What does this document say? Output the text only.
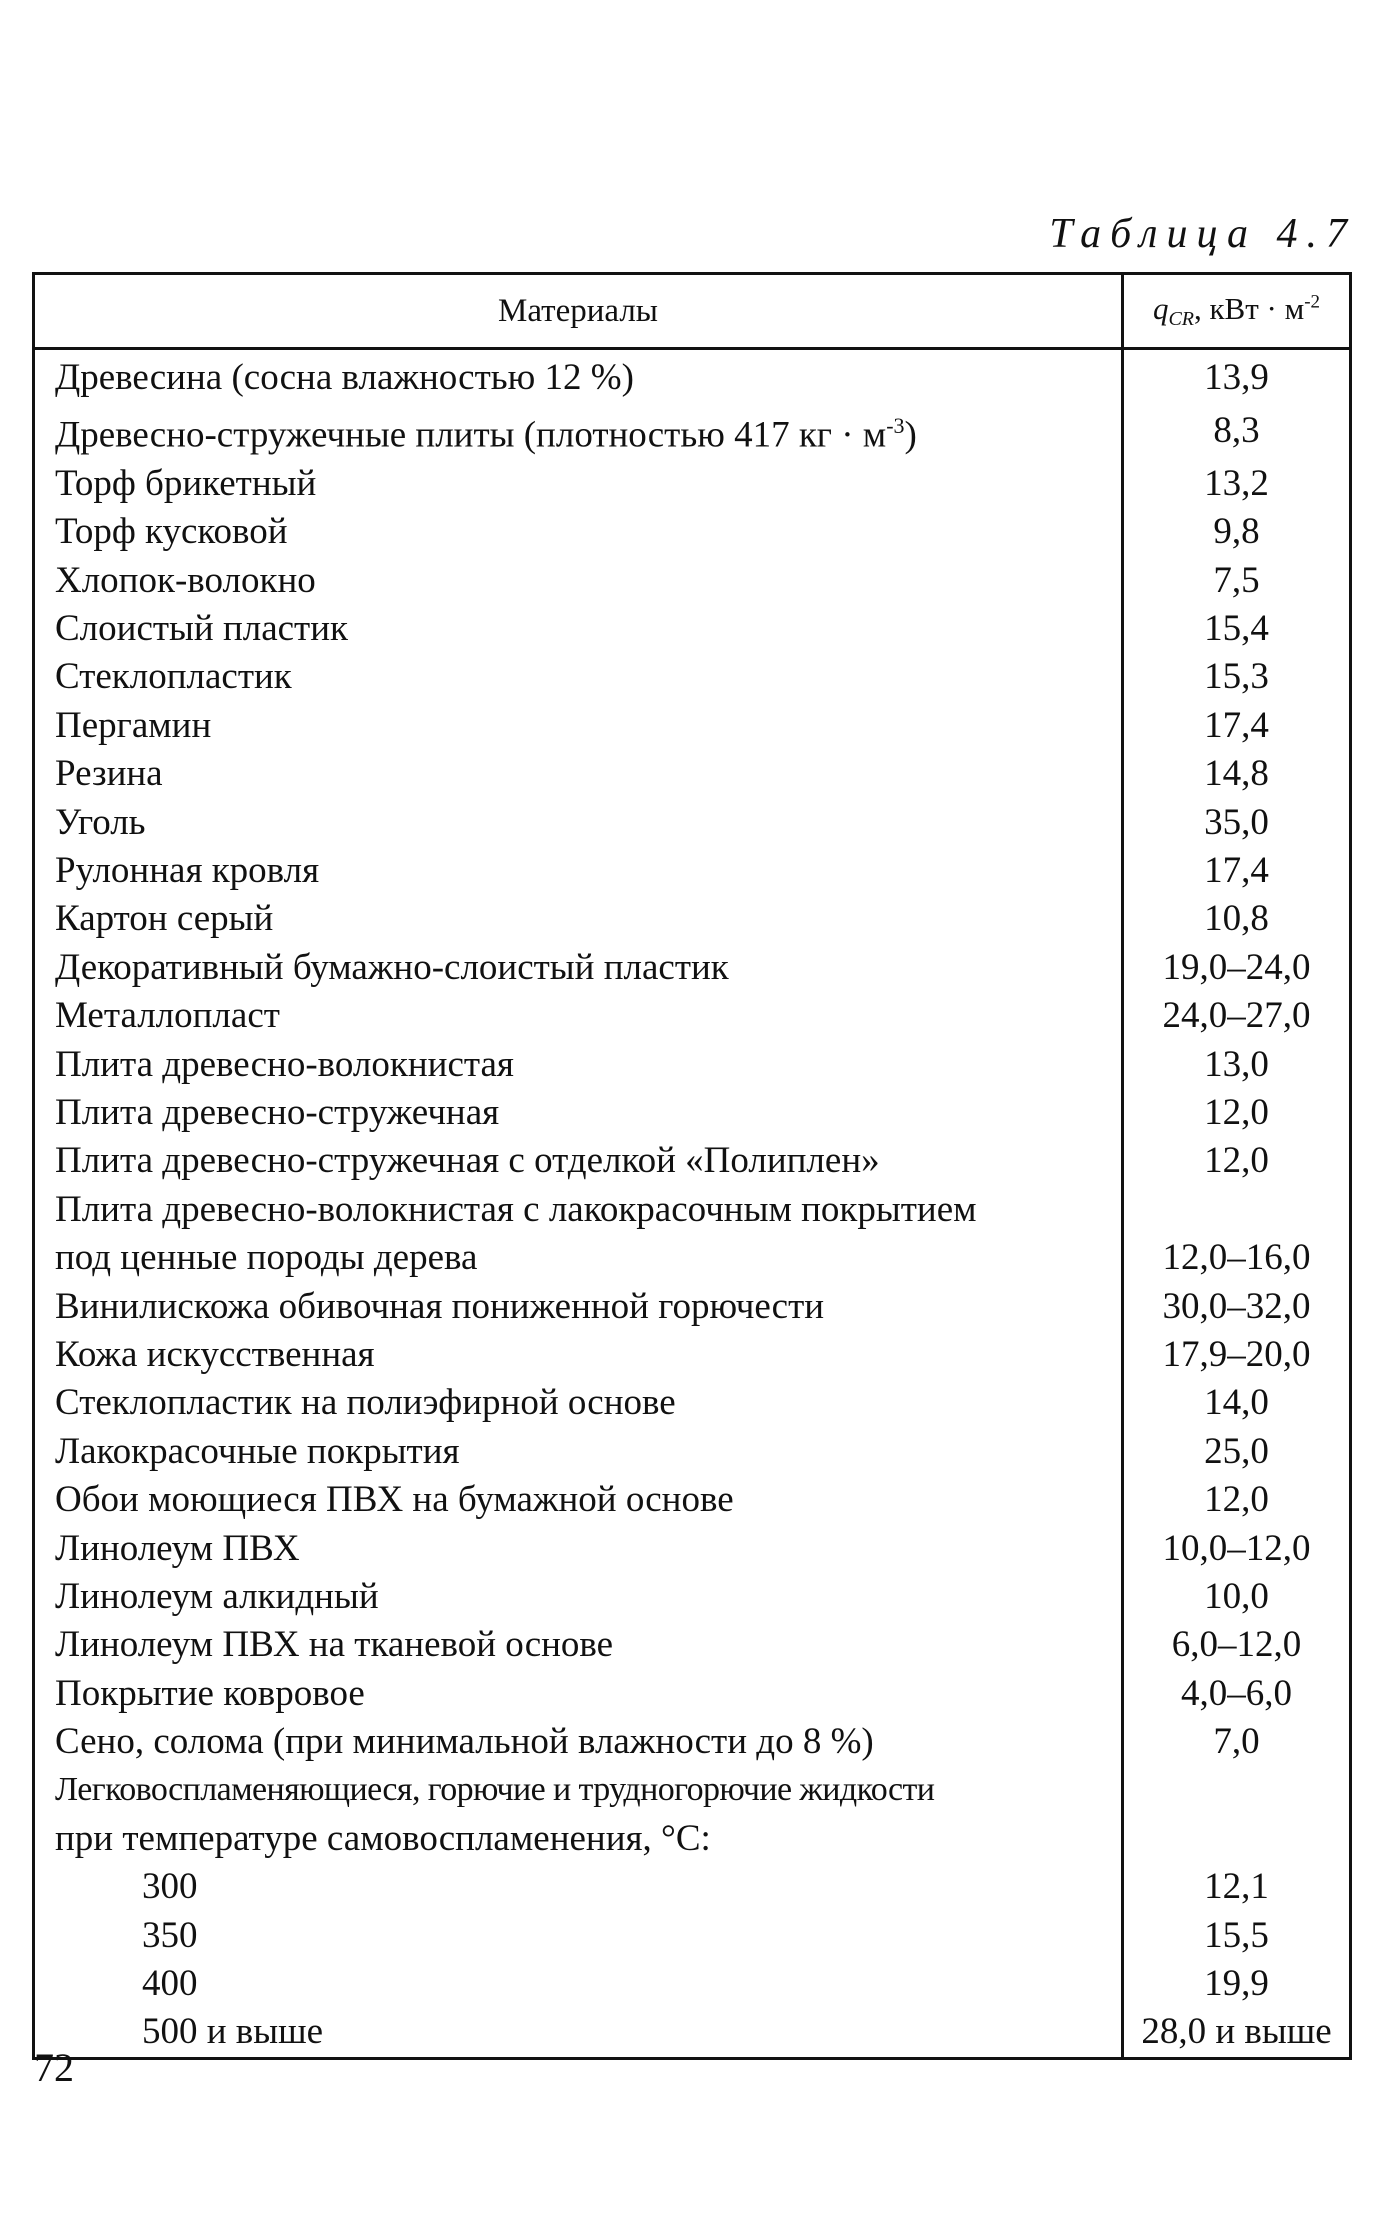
Таблица 4.7

Материалы	$q_{CR}$, кВт · $м^{-2}$
Древесина (сосна влажностью 12 %)	13,9
Древесно-стружечные плиты (плотностью 417 кг · $м^{-3}$)	8,3
Торф брикетный	13,2
Торф кусковой	9,8
Хлопок-волокно	7,5
Слоистый пластик	15,4
Стеклопластик	15,3
Пергамин	17,4
Резина	14,8
Уголь	35,0
Рулонная кровля	17,4
Картон серый	10,8
Декоративный бумажно-слоистый пластик	19,0–24,0
Металлопласт	24,0–27,0
Плита древесно-волокнистая	13,0
Плита древесно-стружечная	12,0
Плита древесно-стружечная с отделкой «Полиплен»	12,0
Плита древесно-волокнистая с лакокрасочным покрытием	
под ценные породы дерева	12,0–16,0
Винилискожа обивочная пониженной горючести	30,0–32,0
Кожа искусственная	17,9–20,0
Стеклопластик на полиэфирной основе	14,0
Лакокрасочные покрытия	25,0
Обои моющиеся ПВХ на бумажной основе	12,0
Линолеум ПВХ	10,0–12,0
Линолеум алкидный	10,0
Линолеум ПВХ на тканевой основе	6,0–12,0
Покрытие ковровое	4,0–6,0
Сено, солома (при минимальной влажности до 8 %)	7,0
Легковоспламеняющиеся, горючие и трудногорючие жидкости	
при температуре самовоспламенения, °С:	
300	12,1
350	15,5
400	19,9
500 и выше	28,0 и выше

72
